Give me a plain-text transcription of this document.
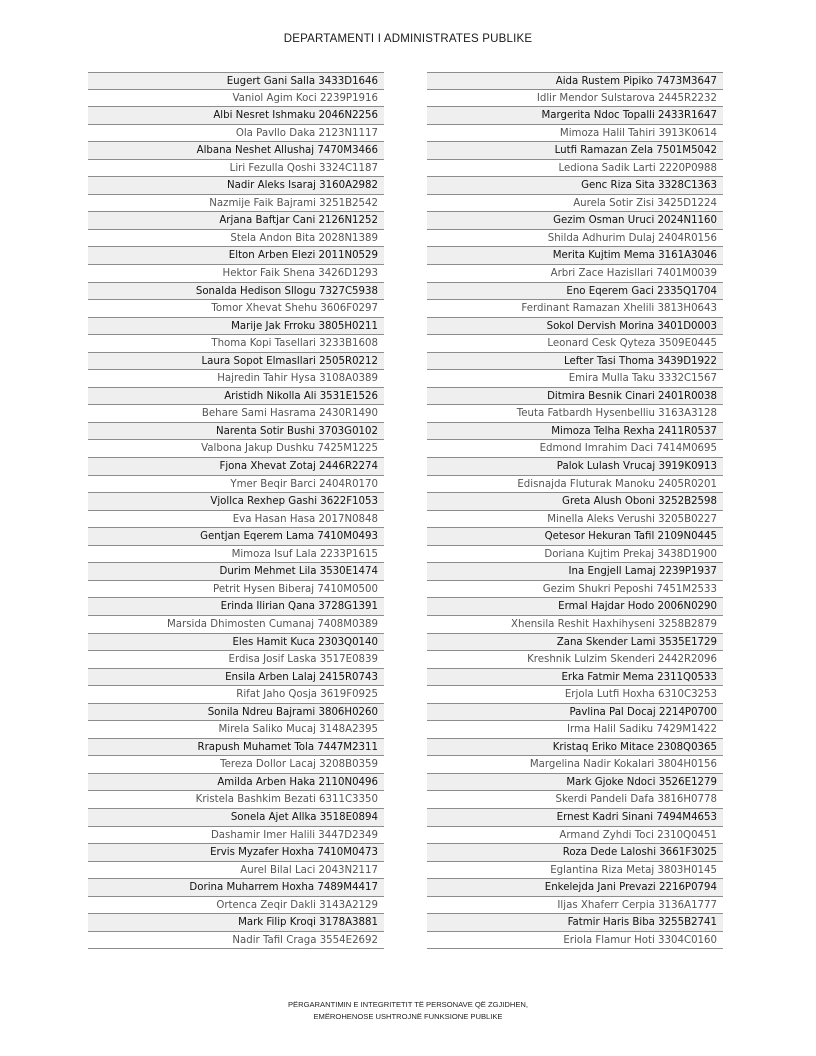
DEPARTAMENTI I ADMINISTRATES PUBLIKE
Eugert Gani Salla 3433D1646
Vaniol Agim Koci 2239P1916
Albi Nesret Ishmaku 2046N2256
Ola Pavllo Daka 2123N1117
Albana Neshet Allushaj 7470M3466
Liri Fezulla Qoshi 3324C1187
Nadir Aleks Isaraj 3160A2982
Nazmije Faik Bajrami 3251B2542
Arjana Baftjar Cani 2126N1252
Stela Andon Bita 2028N1389
Elton Arben Elezi 2011N0529
Hektor Faik Shena 3426D1293
Sonalda Hedison Sllogu 7327C5938
Tomor Xhevat Shehu 3606F0297
Marije Jak Frroku 3805H0211
Thoma Kopi Tasellari 3233B1608
Laura Sopot Elmasllari 2505R0212
Hajredin Tahir Hysa 3108A0389
Aristidh Nikolla Ali 3531E1526
Behare Sami Hasrama 2430R1490
Narenta Sotir Bushi 3703G0102
Valbona Jakup Dushku 7425M1225
Fjona Xhevat Zotaj 2446R2274
Ymer Beqir Barci 2404R0170
Vjollca Rexhep Gashi 3622F1053
Eva Hasan Hasa 2017N0848
Gentjan Eqerem Lama 7410M0493
Mimoza Isuf Lala 2233P1615
Durim Mehmet Lila 3530E1474
Petrit Hysen Biberaj 7410M0500
Erinda Ilirian Qana 3728G1391
Marsida Dhimosten Cumanaj 7408M0389
Eles Hamit Kuca 2303Q0140
Erdisa Josif Laska 3517E0839
Ensila Arben Lalaj 2415R0743
Rifat Jaho Qosja 3619F0925
Sonila Ndreu Bajrami 3806H0260
Mirela Saliko Mucaj 3148A2395
Rrapush Muhamet Tola 7447M2311
Tereza Dollor Lacaj 3208B0359
Amilda Arben Haka 2110N0496
Kristela Bashkim Bezati 6311C3350
Sonela Ajet Allka 3518E0894
Dashamir Imer Halili 3447D2349
Ervis Myzafer Hoxha 7410M0473
Aurel Bilal Laci 2043N2117
Dorina Muharrem Hoxha 7489M4417
Ortenca Zeqir Dakli 3143A2129
Mark Filip Kroqi 3178A3881
Nadir Tafil Craga 3554E2692
Aida Rustem Pipiko 7473M3647
Idlir Mendor Sulstarova 2445R2232
Margerita Ndoc Topalli 2433R1647
Mimoza Halil Tahiri 3913K0614
Lutfi Ramazan Zela 7501M5042
Lediona Sadik Larti 2220P0988
Genc Riza Sita 3328C1363
Aurela Sotir Zisi 3425D1224
Gezim Osman Uruci 2024N1160
Shilda Adhurim Dulaj 2404R0156
Merita Kujtim Mema 3161A3046
Arbri Zace Hazisllari 7401M0039
Eno Eqerem Gaci 2335Q1704
Ferdinant Ramazan Xhelili 3813H0643
Sokol Dervish Morina 3401D0003
Leonard Cesk Qyteza 3509E0445
Lefter Tasi Thoma 3439D1922
Emira Mulla Taku 3332C1567
Ditmira Besnik Cinari 2401R0038
Teuta Fatbardh Hysenbelliu 3163A3128
Mimoza Telha Rexha 2411R0537
Edmond Imrahim Daci 7414M0695
Palok Lulash Vrucaj 3919K0913
Edisnajda Fluturak Manoku 2405R0201
Greta Alush Oboni 3252B2598
Minella Aleks Verushi 3205B0227
Qetesor Hekuran Tafil 2109N0445
Doriana Kujtim Prekaj 3438D1900
Ina Engjell Lamaj 2239P1937
Gezim Shukri Peposhi 7451M2533
Ermal Hajdar Hodo 2006N0290
Xhensila Reshit Haxhihyseni 3258B2879
Zana Skender Lami 3535E1729
Kreshnik Lulzim Skenderi 2442R2096
Erka Fatmir Mema 2311Q0533
Erjola Lutfi Hoxha 6310C3253
Pavlina Pal Docaj 2214P0700
Irma Halil Sadiku 7429M1422
Kristaq Eriko Mitace 2308Q0365
Margelina Nadir Kokalari 3804H0156
Mark Gjoke Ndoci 3526E1279
Skerdi Pandeli Dafa 3816H0778
Ernest Kadri Sinani 7494M4653
Armand Zyhdi Toci 2310Q0451
Roza Dede Laloshi 3661F3025
Eglantina Riza Metaj 3803H0145
Enkelejda Jani Prevazi 2216P0794
Iljas Xhaferr Cerpia 3136A1777
Fatmir Haris Biba 3255B2741
Eriola Flamur Hoti 3304C0160
PËRGARANTIMIN E INTEGRITETIT TË PERSONAVE QË ZGJIDHEN,
EMËROHENOSE USHTROJNË FUNKSIONE PUBLIKE
